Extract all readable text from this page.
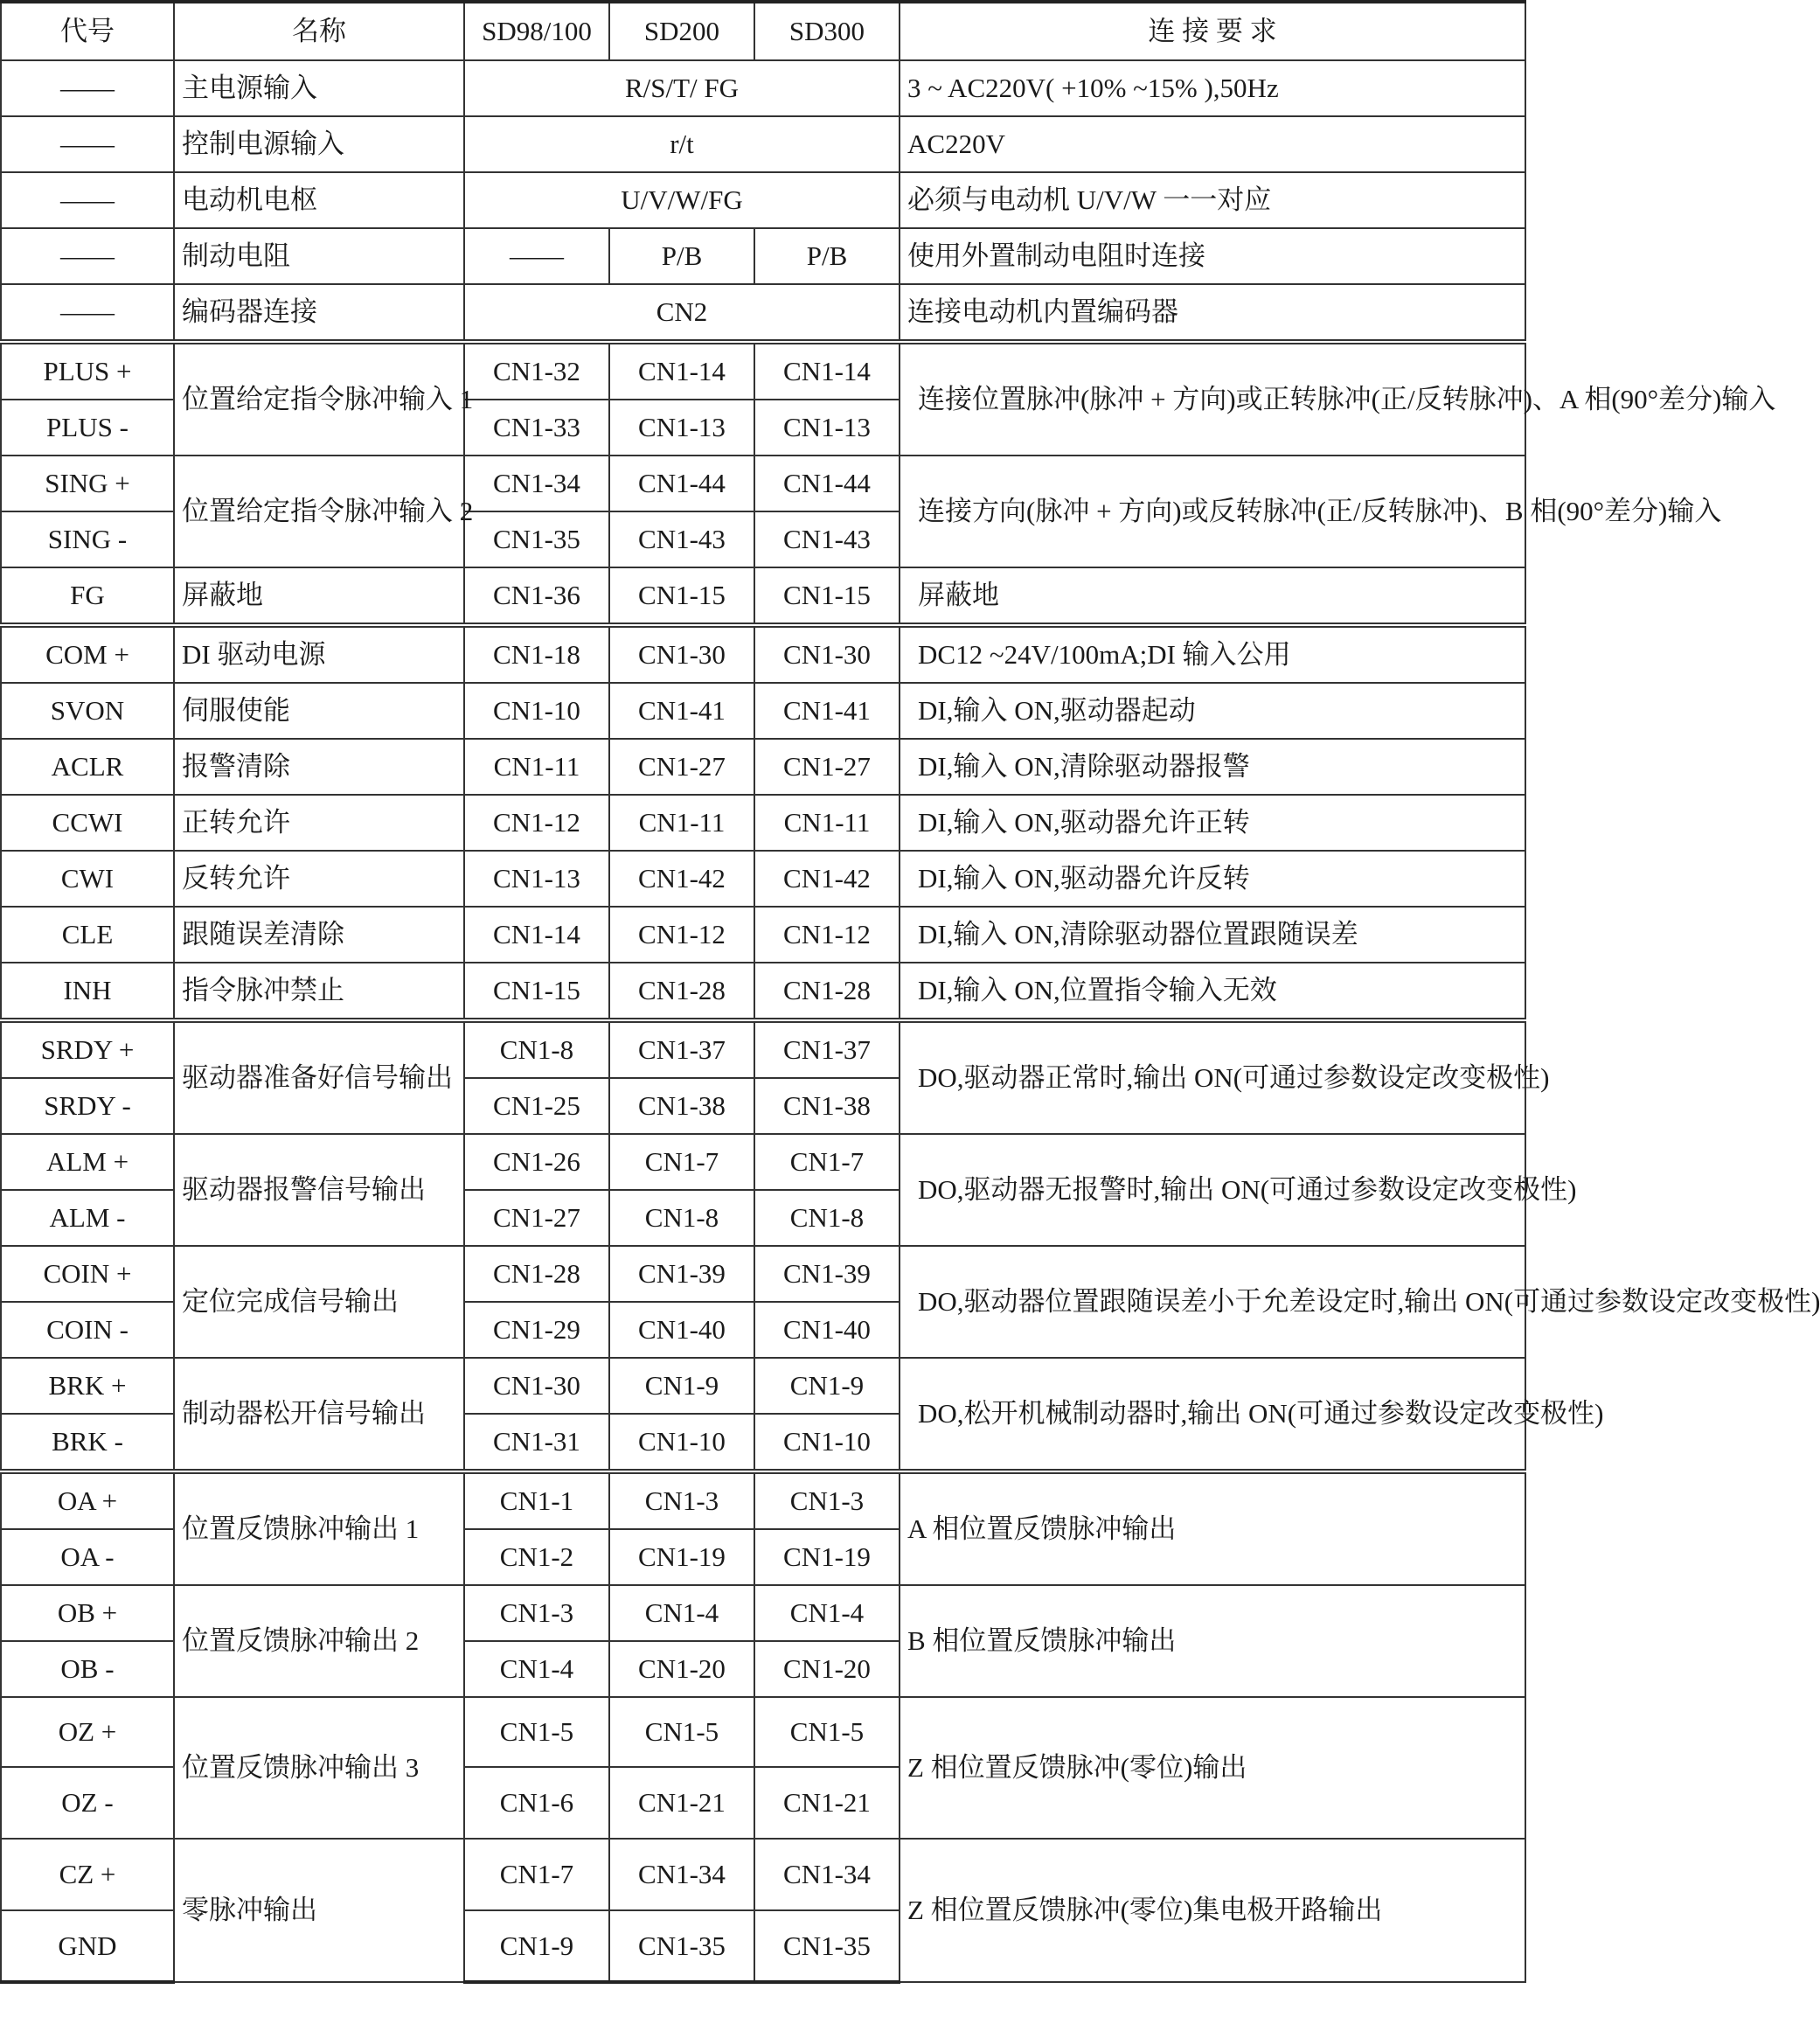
代号	名称	SD98/100	SD200	SD300	连 接 要 求
——	主电源输入	R/S/T/ FG			3 ~ AC220V( +10% ~15% ),50Hz
——	控制电源输入	r/t			AC220V
——	电动机电枢	U/V/W/FG			必须与电动机 U/V/W 一一对应
——	制动电阻	——	P/B	P/B	使用外置制动电阻时连接
——	编码器连接	CN2			连接电动机内置编码器
PLUS +	位置给定指令脉冲输入 1	CN1-32	CN1-14	CN1-14	连接位置脉冲(脉冲 + 方向)或正转脉冲(正/反转脉冲)、A 相(90°差分)输入
PLUS -		CN1-33	CN1-13	CN1-13	
SING +	位置给定指令脉冲输入 2	CN1-34	CN1-44	CN1-44	连接方向(脉冲 + 方向)或反转脉冲(正/反转脉冲)、B 相(90°差分)输入
SING -		CN1-35	CN1-43	CN1-43	
FG	屏蔽地	CN1-36	CN1-15	CN1-15	屏蔽地
COM +	DI 驱动电源	CN1-18	CN1-30	CN1-30	DC12 ~24V/100mA;DI 输入公用
SVON	伺服使能	CN1-10	CN1-41	CN1-41	DI,输入 ON,驱动器起动
ACLR	报警清除	CN1-11	CN1-27	CN1-27	DI,输入 ON,清除驱动器报警
CCWI	正转允许	CN1-12	CN1-11	CN1-11	DI,输入 ON,驱动器允许正转
CWI	反转允许	CN1-13	CN1-42	CN1-42	DI,输入 ON,驱动器允许反转
CLE	跟随误差清除	CN1-14	CN1-12	CN1-12	DI,输入 ON,清除驱动器位置跟随误差
INH	指令脉冲禁止	CN1-15	CN1-28	CN1-28	DI,输入 ON,位置指令输入无效
SRDY +	驱动器准备好信号输出	CN1-8	CN1-37	CN1-37	DO,驱动器正常时,输出 ON(可通过参数设定改变极性)
SRDY -		CN1-25	CN1-38	CN1-38	
ALM +	驱动器报警信号输出	CN1-26	CN1-7	CN1-7	DO,驱动器无报警时,输出 ON(可通过参数设定改变极性)
ALM -		CN1-27	CN1-8	CN1-8	
COIN +	定位完成信号输出	CN1-28	CN1-39	CN1-39	DO,驱动器位置跟随误差小于允差设定时,输出 ON(可通过参数设定改变极性)
COIN -		CN1-29	CN1-40	CN1-40	
BRK +	制动器松开信号输出	CN1-30	CN1-9	CN1-9	DO,松开机械制动器时,输出 ON(可通过参数设定改变极性)
BRK -		CN1-31	CN1-10	CN1-10	
OA +	位置反馈脉冲输出 1	CN1-1	CN1-3	CN1-3	A 相位置反馈脉冲输出
OA -		CN1-2	CN1-19	CN1-19	
OB +	位置反馈脉冲输出 2	CN1-3	CN1-4	CN1-4	B 相位置反馈脉冲输出
OB -		CN1-4	CN1-20	CN1-20	
OZ +	位置反馈脉冲输出 3	CN1-5	CN1-5	CN1-5	Z 相位置反馈脉冲(零位)输出
OZ -		CN1-6	CN1-21	CN1-21	
CZ +	零脉冲输出	CN1-7	CN1-34	CN1-34	Z 相位置反馈脉冲(零位)集电极开路输出
GND		CN1-9	CN1-35	CN1-35	
